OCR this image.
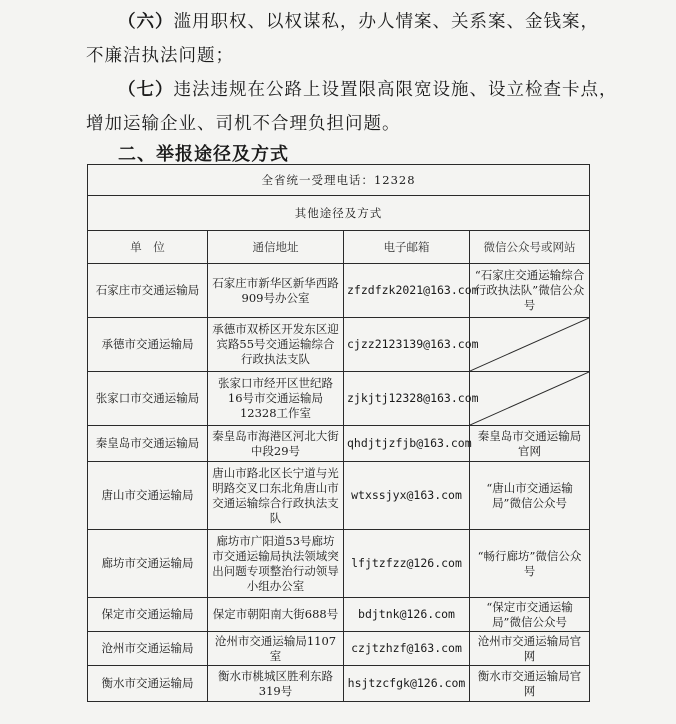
（六）滥用职权、以权谋私，办人情案、关系案、金钱案，
不廉洁执法问题；
（七）违法违规在公路上设置限高限宽设施、设立检查卡点，
增加运输企业、司机不合理负担问题。
二、举报途径及方式
全省统一受理电话：12328			
其他途径及方式			
单　位	通信地址	电子邮箱	微信公众号或网站
石家庄市交通运输局	石家庄市新华区新华西路909号办公室	zfzdfzk2021@163.com	“石家庄交通运输综合行政执法队”微信公众号
承德市交通运输局	承德市双桥区开发东区迎宾路55号交通运输综合行政执法支队	cjzz2123139@163.com	

张家口市交通运输局	张家口市经开区世纪路16号市交通运输局12328工作室	zjkjtj12328@163.com	

秦皇岛市交通运输局	秦皇岛市海港区河北大街中段29号	qhdjtjzfjb@163.com	秦皇岛市交通运输局官网
唐山市交通运输局	唐山市路北区长宁道与光明路交叉口东北角唐山市交通运输综合行政执法支队	wtxssjyx@163.com	“唐山市交通运输局”微信公众号
廊坊市交通运输局	廊坊市广阳道53号廊坊市交通运输局执法领域突出问题专项整治行动领导小组办公室	lfjtzfzz@126.com	“畅行廊坊”微信公众号
保定市交通运输局	保定市朝阳南大街688号	bdjtnk@126.com	“保定市交通运输局”微信公众号
沧州市交通运输局	沧州市交通运输局1107室	czjtzhzf@163.com	沧州市交通运输局官网
衡水市交通运输局	衡水市桃城区胜利东路319号	hsjtzcfgk@126.com	衡水市交通运输局官网
